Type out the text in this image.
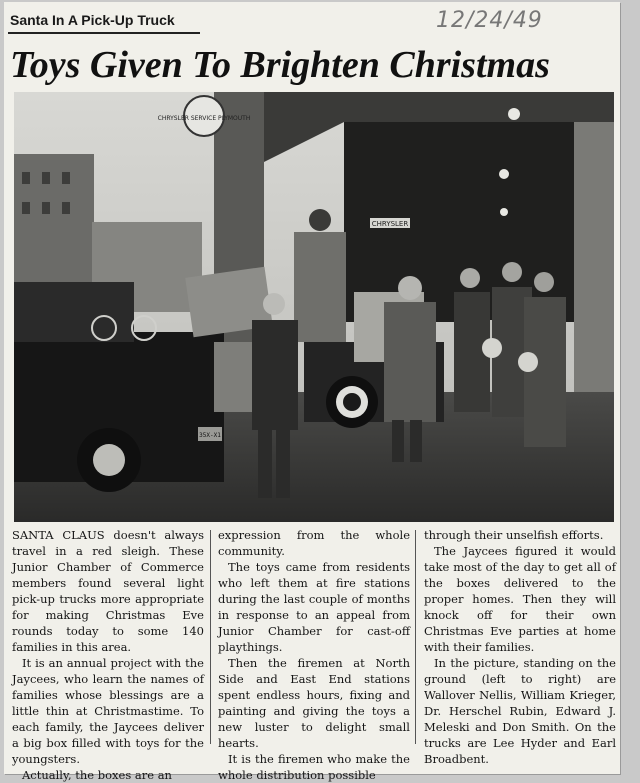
Santa In A Pick-Up Truck	12/24/49
Toys Given To Brighten Christmas
CHRYSLER SERVICE PLYMOUTH
CHRYSLER
35X-X1

SANTA CLAUS doesn't always travel in a red sleigh. These Junior Chamber of Commerce members found several light pick-up trucks more appropriate for making Christmas Eve rounds today to some 140 families in this area.

It is an annual project with the Jaycees, who learn the names of families whose blessings are a little thin at Christmastime. To each family, the Jaycees deliver a big box filled with toys for the youngsters.

Actually, the boxes are an

expression from the whole community.

The toys came from residents who left them at fire stations during the last couple of months in response to an appeal from Junior Chamber for cast-off playthings.

Then the firemen at North Side and East End stations spent endless hours, fixing and painting and giving the toys a new luster to delight small hearts.

It is the firemen who make the whole distribution possible

through their unselfish efforts.

The Jaycees figured it would take most of the day to get all of the boxes delivered to the proper homes. Then they will knock off for their own Christmas Eve parties at home with their families.

In the picture, standing on the ground (left to right) are Wallover Nellis, William Krieger, Dr. Herschel Rubin, Edward J. Meleski and Don Smith. On the trucks are Lee Hyder and Earl Broadbent.
